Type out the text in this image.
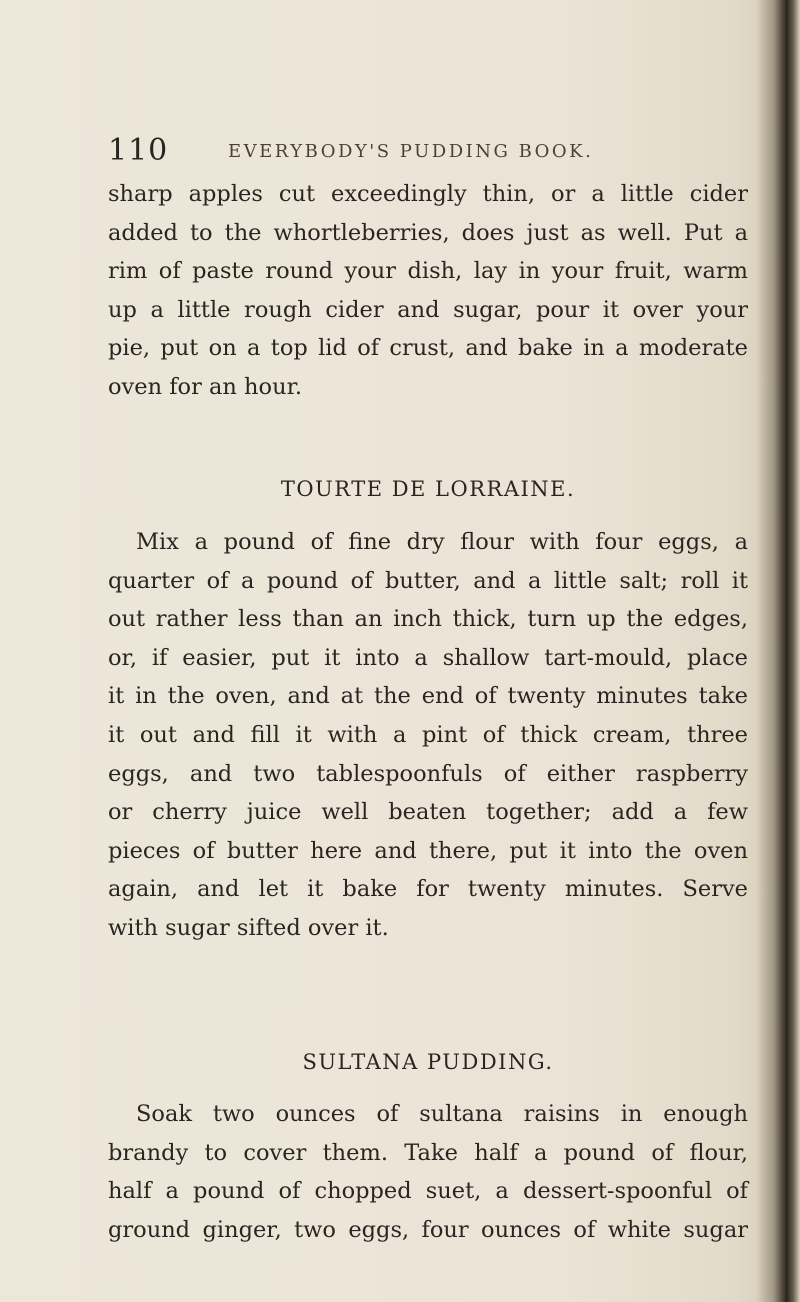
110	EVERYBODY'S PUDDING BOOK.

sharp apples cut exceedingly thin, or a little cider
added to the whortleberries, does just as well. Put a
rim of paste round your dish, lay in your fruit, warm
up a little rough cider and sugar, pour it over your
pie, put on a top lid of crust, and bake in a moderate
oven for an hour.

TOURTE DE LORRAINE.

Mix a pound of fine dry flour with four eggs, a
quarter of a pound of butter, and a little salt; roll it
out rather less than an inch thick, turn up the edges,
or, if easier, put it into a shallow tart-mould, place
it in the oven, and at the end of twenty minutes take
it out and fill it with a pint of thick cream, three
eggs, and two tablespoonfuls of either raspberry
or cherry juice well beaten together; add a few
pieces of butter here and there, put it into the oven
again, and let it bake for twenty minutes. Serve
with sugar sifted over it.

SULTANA PUDDING.

Soak two ounces of sultana raisins in enough
brandy to cover them. Take half a pound of flour,
half a pound of chopped suet, a dessert-spoonful of
ground ginger, two eggs, four ounces of white sugar
